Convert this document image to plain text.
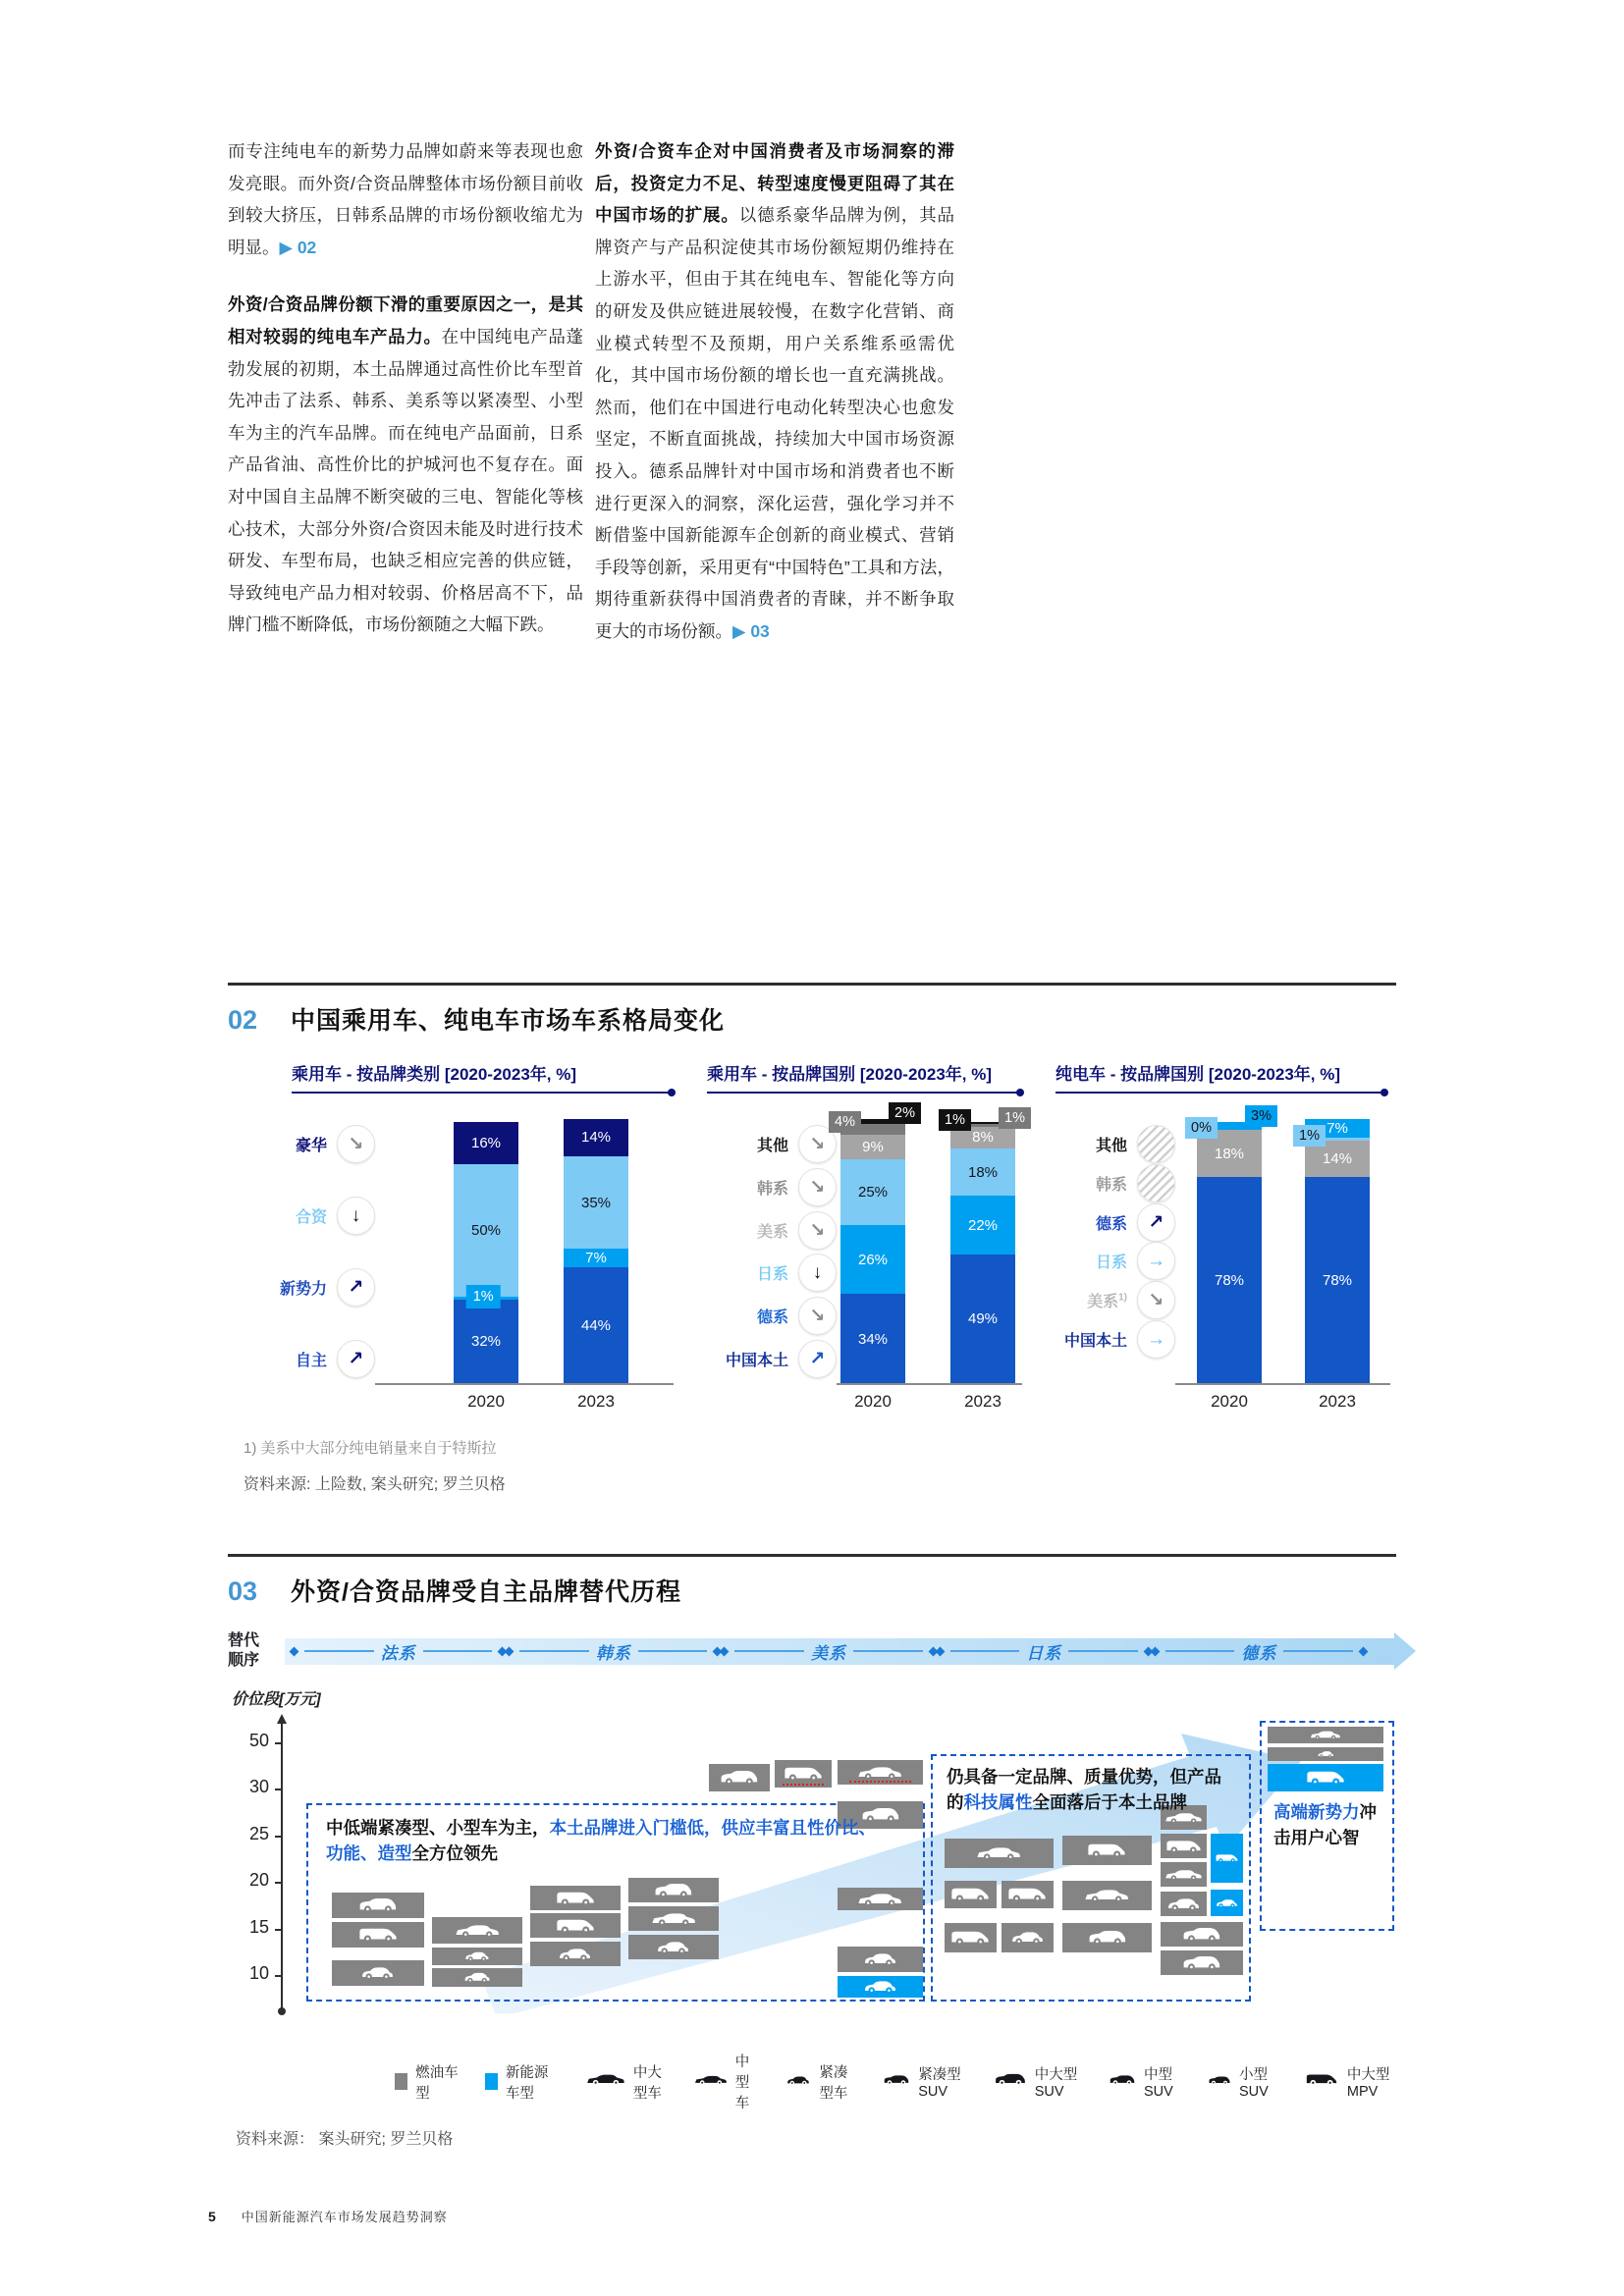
而专注纯电车的新势力品牌如蔚来等表现也愈发亮眼。而外资/合资品牌整体市场份额目前收到较大挤压，日韩系品牌的市场份额收缩尤为明显。▶ 02

外资/合资品牌份额下滑的重要原因之一，是其相对较弱的纯电车产品力。在中国纯电产品蓬勃发展的初期，本土品牌通过高性价比车型首先冲击了法系、韩系、美系等以紧凑型、小型车为主的汽车品牌。而在纯电产品面前，日系产品省油、高性价比的护城河也不复存在。面对中国自主品牌不断突破的三电、智能化等核心技术，大部分外资/合资因未能及时进行技术研发、车型布局，也缺乏相应完善的供应链，导致纯电产品力相对较弱、价格居高不下，品牌门槛不断降低，市场份额随之大幅下跌。

外资/合资车企对中国消费者及市场洞察的滞后，投资定力不足、转型速度慢更阻碍了其在中国市场的扩展。以德系豪华品牌为例，其品牌资产与产品积淀使其市场份额短期仍维持在上游水平，但由于其在纯电车、智能化等方向的研发及供应链进展较慢，在数字化营销、商业模式转型不及预期，用户关系维系亟需优化，其中国市场份额的增长也一直充满挑战。然而，他们在中国进行电动化转型决心也愈发坚定，不断直面挑战，持续加大中国市场资源投入。德系品牌针对中国市场和消费者也不断进行更深入的洞察，深化运营，强化学习并不断借鉴中国新能源车企创新的商业模式、营销手段等创新，采用更有“中国特色”工具和方法，期待重新获得中国消费者的青睐，并不断争取更大的市场份额。▶ 03

02 中国乘用车、纯电车市场车系格局变化
乘用车 - 按品牌类别 [2020-2023年, %]
豪华 ↘
合资 ↓
新势力 ↗
自主 ↗
32%
1%
50%
16%
44%
7%
35%
14%
2020	2023
乘用车 - 按品牌国别 [2020-2023年, %]
其他 ↘
韩系 ↘
美系 ↘
日系 ↓
德系 ↘
中国本土 ↗
34%
26%
25%
9%
4%
2%
49%
22%
18%
8%
1%
1%
2020	2023
纯电车 - 按品牌国别 [2020-2023年, %]
其他
韩系
德系 ↗
日系 →
美系$^{1)}$ ↘
中国本土 →
78%
18%
0%
3%
78%
14%
1% 7%
2020	2023

1) 美系中大部分纯电销量来自于特斯拉

资料来源: 上险数, 案头研究; 罗兰贝格

03 外资/合资品牌受自主品牌替代历程
替代
顺序	法系	韩系	美系	日系	德系
价位段[万元]
中低端紧凑型、小型车为主，本土品牌进入门槛低，供应丰富且性价比、功能、造型全方位领先
仍具备一定品牌、质量优势，但产品的科技属性全面落后于本土品牌	高端新势力冲击用户心智
50
30
25
20
15
10
燃油车型
新能源车型
中大型车
中型车
紧凑型车
紧凑型SUV
中大型SUV
中型SUV
小型SUV
中大型MPV

资料来源： 案头研究; 罗兰贝格

5 中国新能源汽车市场发展趋势洞察
